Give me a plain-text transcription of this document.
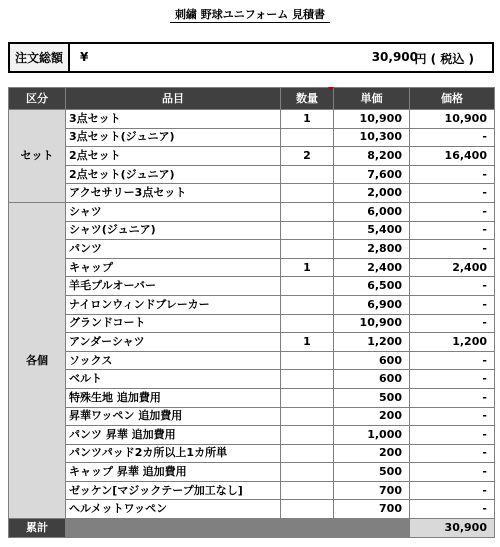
刺繍 野球ユニフォーム 見積書
注文総額	¥	30,900
円 ( 税込 )
区分	品目	数量	単価	価格
セット	3点セット	1	10,900	10,900
	3点セット(ジュニア)		10,300	-
	2点セット	2	8,200	16,400
	2点セット(ジュニア)		7,600	-
	アクセサリー3点セット		2,000	-
各個	シャツ		6,000	-
	シャツ(ジュニア)		5,400	-
	パンツ		2,800	-
	キャップ	1	2,400	2,400
	羊毛プルオーバー		6,500	-
	ナイロンウィンドブレーカー		6,900	-
	グランドコート		10,900	-
	アンダーシャツ	1	1,200	1,200
	ソックス		600	-
	ベルト		600	-
	特殊生地 追加費用		500	-
	昇華ワッペン 追加費用		200	-
	パンツ 昇華 追加費用		1,000	-
	パンツパッド2カ所以上1カ所単		200	-
	キャップ 昇華 追加費用		500	-
	ゼッケン[マジックテープ加工なし]		700	-
	ヘルメットワッペン		700	-
累計				30,900
